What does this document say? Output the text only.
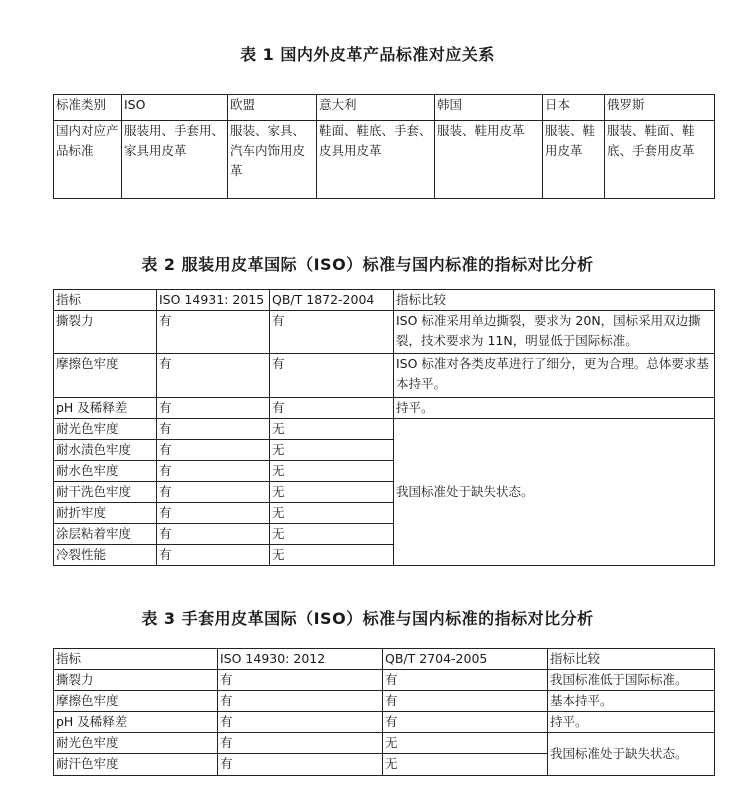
表 1 国内外皮革产品标准对应关系
标准类别	ISO	欧盟	意大利	韩国	日本	俄罗斯
国内对应产品标准	服装用、手套用、家具用皮革	服装、家具、汽车内饰用皮革	鞋面、鞋底、手套、皮具用皮革	服装、鞋用皮革	服装、鞋用皮革	服装、鞋面、鞋底、手套用皮革
表 2 服装用皮革国际（ISO）标准与国内标准的指标对比分析
指标	ISO 14931: 2015	QB/T 1872-2004	指标比较
撕裂力	有	有	ISO 标准采用单边撕裂，要求为 20N，国标采用双边撕裂，技术要求为 11N，明显低于国际标准。
摩擦色牢度	有	有	ISO 标准对各类皮革进行了细分，更为合理。总体要求基本持平。
pH 及稀释差	有	有	持平。
耐光色牢度	有	无	我国标准处于缺失状态。
耐水渍色牢度	有	无	
耐水色牢度	有	无	
耐干洗色牢度	有	无	
耐折牢度	有	无	
涂层粘着牢度	有	无	
冷裂性能	有	无	
表 3 手套用皮革国际（ISO）标准与国内标准的指标对比分析
指标	ISO 14930: 2012	QB/T 2704-2005	指标比较
撕裂力	有	有	我国标准低于国际标准。
摩擦色牢度	有	有	基本持平。
pH 及稀释差	有	有	持平。
耐光色牢度	有	无	我国标准处于缺失状态。
耐汗色牢度	有	无	
